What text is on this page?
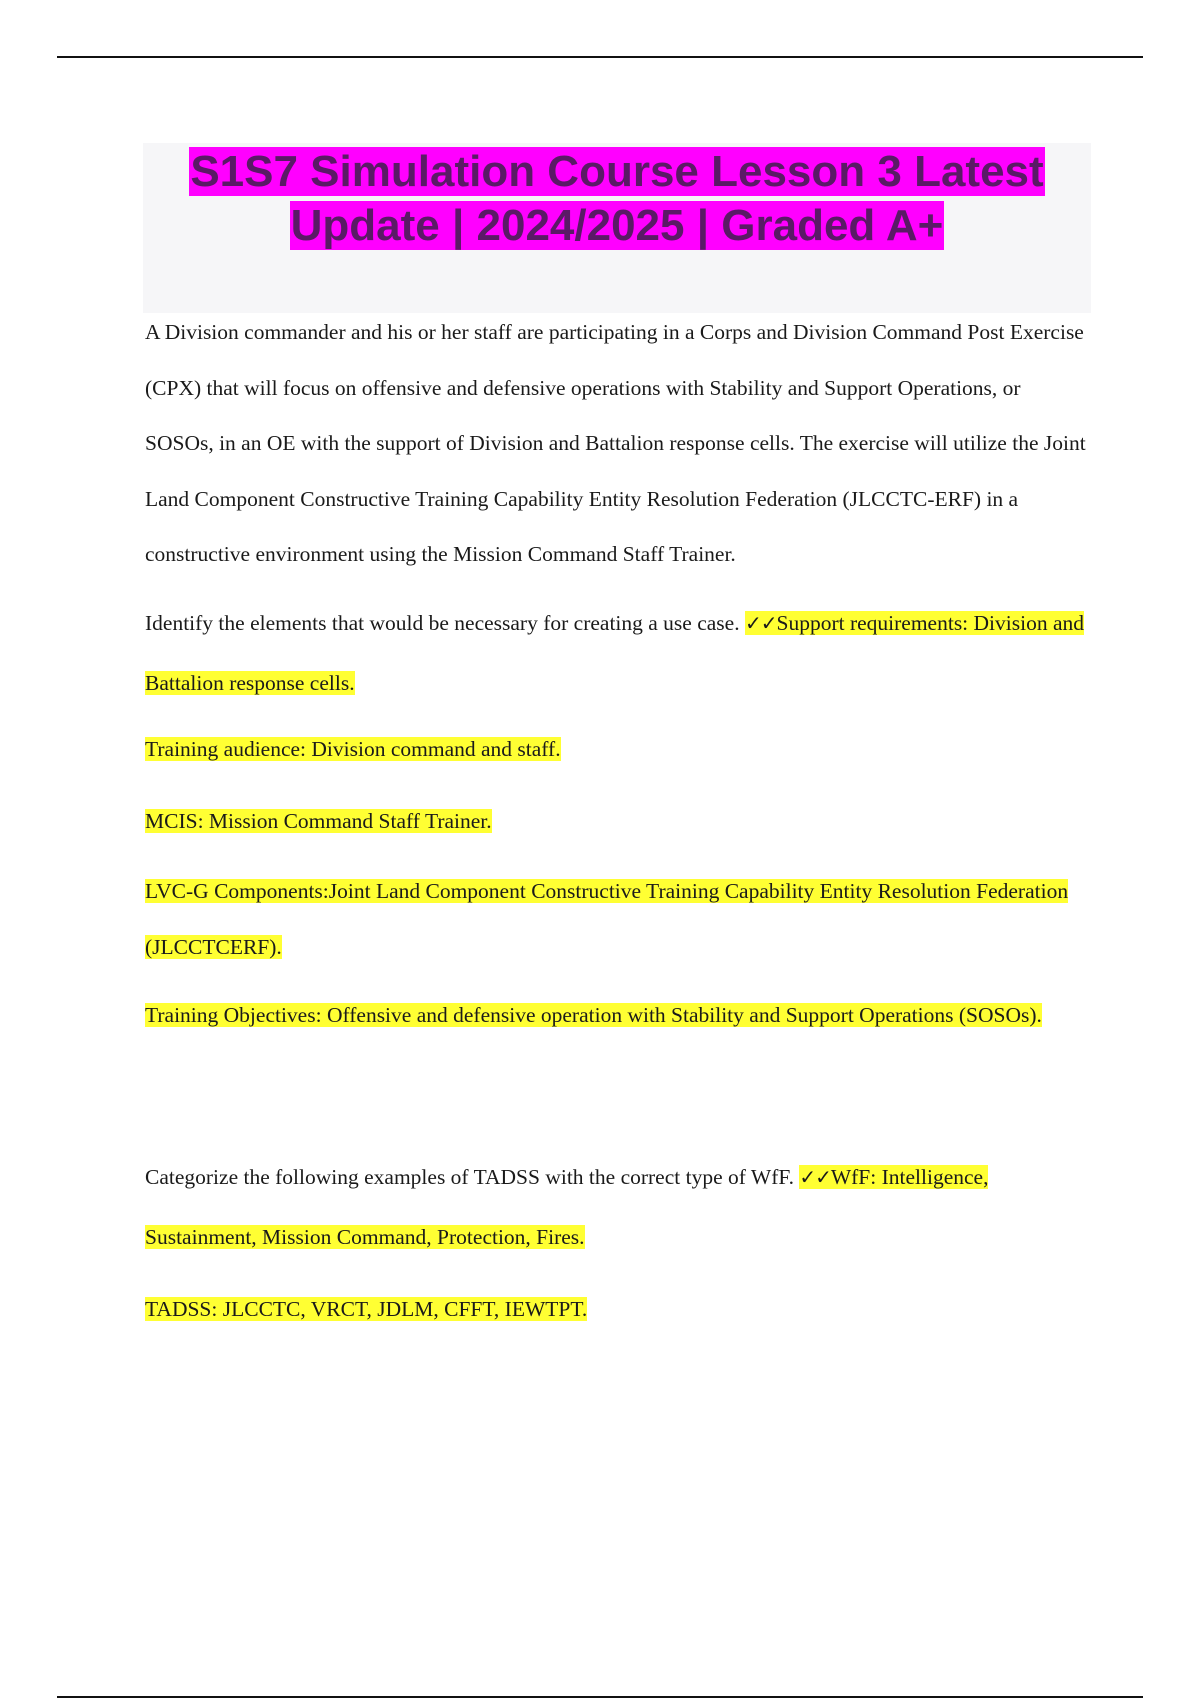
S1S7 Simulation Course Lesson 3 Latest Update | 2024/2025 | Graded A+

A Division commander and his or her staff are participating in a Corps and Division Command Post Exercise (CPX) that will focus on offensive and defensive operations with Stability and Support Operations, or SOSOs, in an OE with the support of Division and Battalion response cells. The exercise will utilize the Joint Land Component Constructive Training Capability Entity Resolution Federation (JLCCTC-ERF) in a constructive environment using the Mission Command Staff Trainer.

Identify the elements that would be necessary for creating a use case. ✓✓Support requirements: Division and Battalion response cells.

Training audience: Division command and staff.

MCIS: Mission Command Staff Trainer.

LVC-G Components:Joint Land Component Constructive Training Capability Entity Resolution Federation (JLCCTCERF).

Training Objectives: Offensive and defensive operation with Stability and Support Operations (SOSOs).

Categorize the following examples of TADSS with the correct type of WfF. ✓✓WfF: Intelligence, Sustainment, Mission Command, Protection, Fires.

TADSS: JLCCTC, VRCT, JDLM, CFFT, IEWTPT.
